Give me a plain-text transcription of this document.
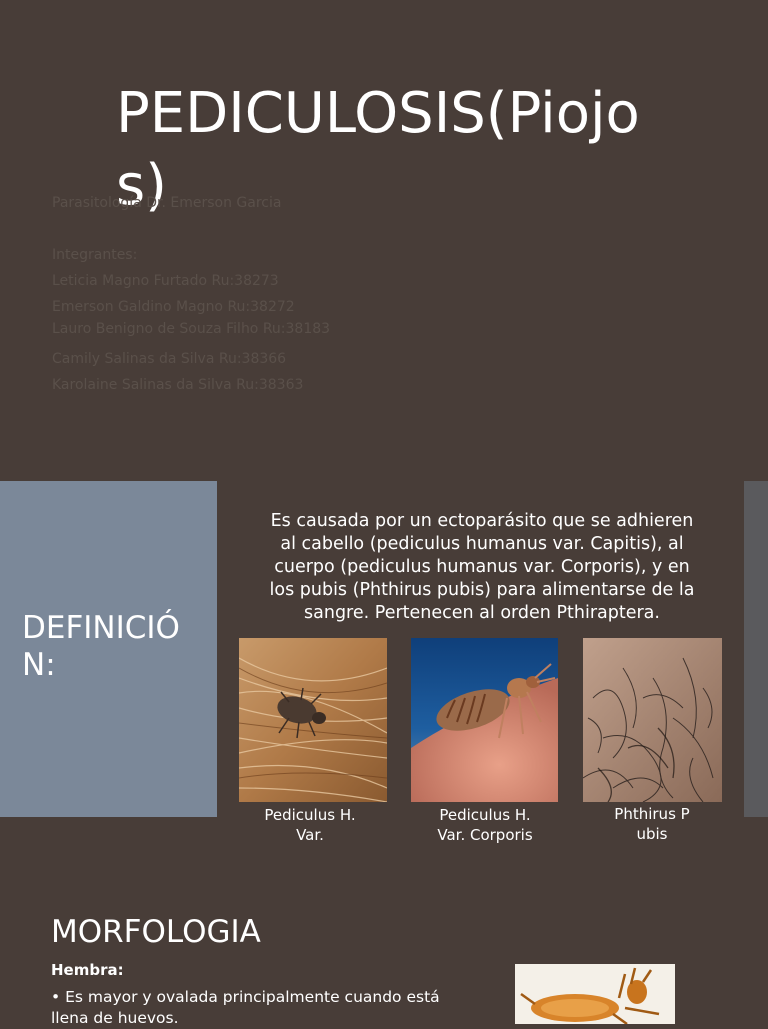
PEDICULOSIS(Piojos)
Parasitología Dr. Emerson Garcia
Integrantes:
Leticia Magno Furtado Ru:38273
Emerson Galdino Magno Ru:38272
Lauro Benigno de Souza Filho Ru:38183
Camily Salinas da Silva Ru:38366
Karolaine Salinas da Silva Ru:38363
DEFINICIÓN:
Es causada por un ectoparásito que se adhieren al cabello (pediculus humanus var. Capitis), al cuerpo (pediculus humanus var. Corporis), y en los pubis (Phthirus pubis) para alimentarse de la sangre. Pertenecen al orden Pthiraptera.
Pediculus H. Var.
Pediculus H. Var. Corporis
Phthirus Pubis
MORFOLOGIA
Hembra:
• Es mayor y ovalada principalmente cuando está llena de huevos.
